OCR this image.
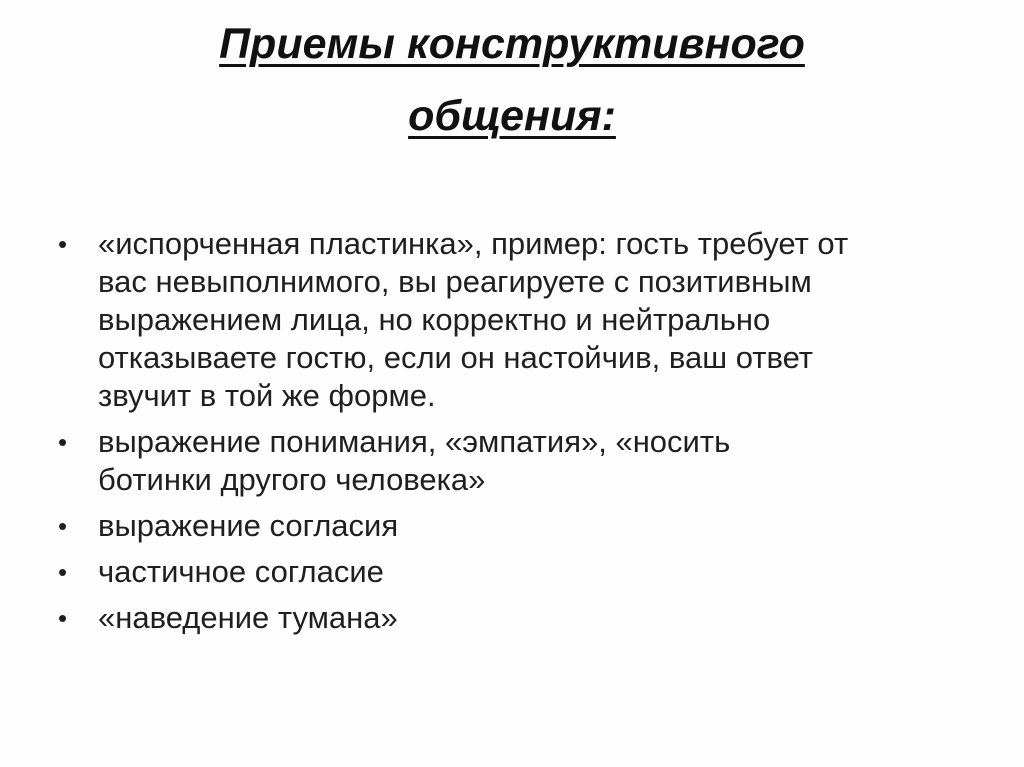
Приемы конструктивного
общения:
• «испорченная пластинка», пример: гость требует от
вас невыполнимого, вы реагируете с позитивным
выражением лица, но корректно и нейтрально
отказываете гостю, если он настойчив, ваш ответ
звучит в той же форме.
• выражение понимания, «эмпатия», «носить
ботинки другого человека»
• выражение согласия
• частичное согласие
• «наведение тумана»
